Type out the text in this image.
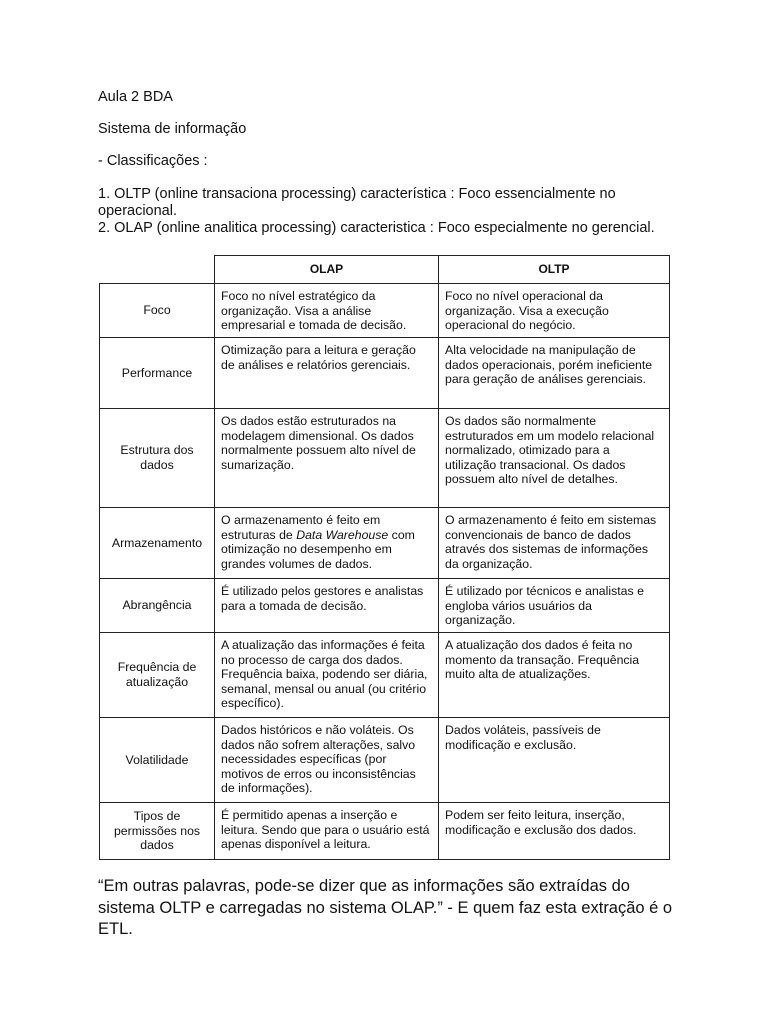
Aula 2 BDA
Sistema de informação
- Classificações :
1. OLTP (online transaciona processing) característica : Foco essencialmente no operacional.
2. OLAP (online analitica processing) caracteristica : Foco especialmente no gerencial.
	OLAP	OLTP
Foco	Foco no nível estratégico da organização. Visa a análise empresarial e tomada de decisão.	Foco no nível operacional da organização. Visa a execução operacional do negócio.
Performance	Otimização para a leitura e geração de análises e relatórios gerenciais.	Alta velocidade na manipulação de dados operacionais, porém ineficiente para geração de análises gerenciais.
Estrutura dos dados	Os dados estão estruturados na modelagem dimensional. Os dados normalmente possuem alto nível de sumarização.	Os dados são normalmente estruturados em um modelo relacional normalizado, otimizado para a utilização transacional. Os dados possuem alto nível de detalhes.
Armazenamento	O armazenamento é feito em estruturas de Data Warehouse com otimização no desempenho em grandes volumes de dados.	O armazenamento é feito em sistemas convencionais de banco de dados através dos sistemas de informações da organização.
Abrangência	É utilizado pelos gestores e analistas para a tomada de decisão.	É utilizado por técnicos e analistas e engloba vários usuários da organização.
Frequência de atualização	A atualização das informações é feita no processo de carga dos dados. Frequência baixa, podendo ser diária, semanal, mensal ou anual (ou critério específico).	A atualização dos dados é feita no momento da transação. Frequência muito alta de atualizações.
Volatilidade	Dados históricos e não voláteis. Os dados não sofrem alterações, salvo necessidades específicas (por motivos de erros ou inconsistências de informações).	Dados voláteis, passíveis de modificação e exclusão.
Tipos de permissões nos dados	É permitido apenas a inserção e leitura. Sendo que para o usuário está apenas disponível a leitura.	Podem ser feito leitura, inserção, modificação e exclusão dos dados.
“Em outras palavras, pode-se dizer que as informações são extraídas do sistema OLTP e carregadas no sistema OLAP.” - E quem faz esta extração é o ETL.
